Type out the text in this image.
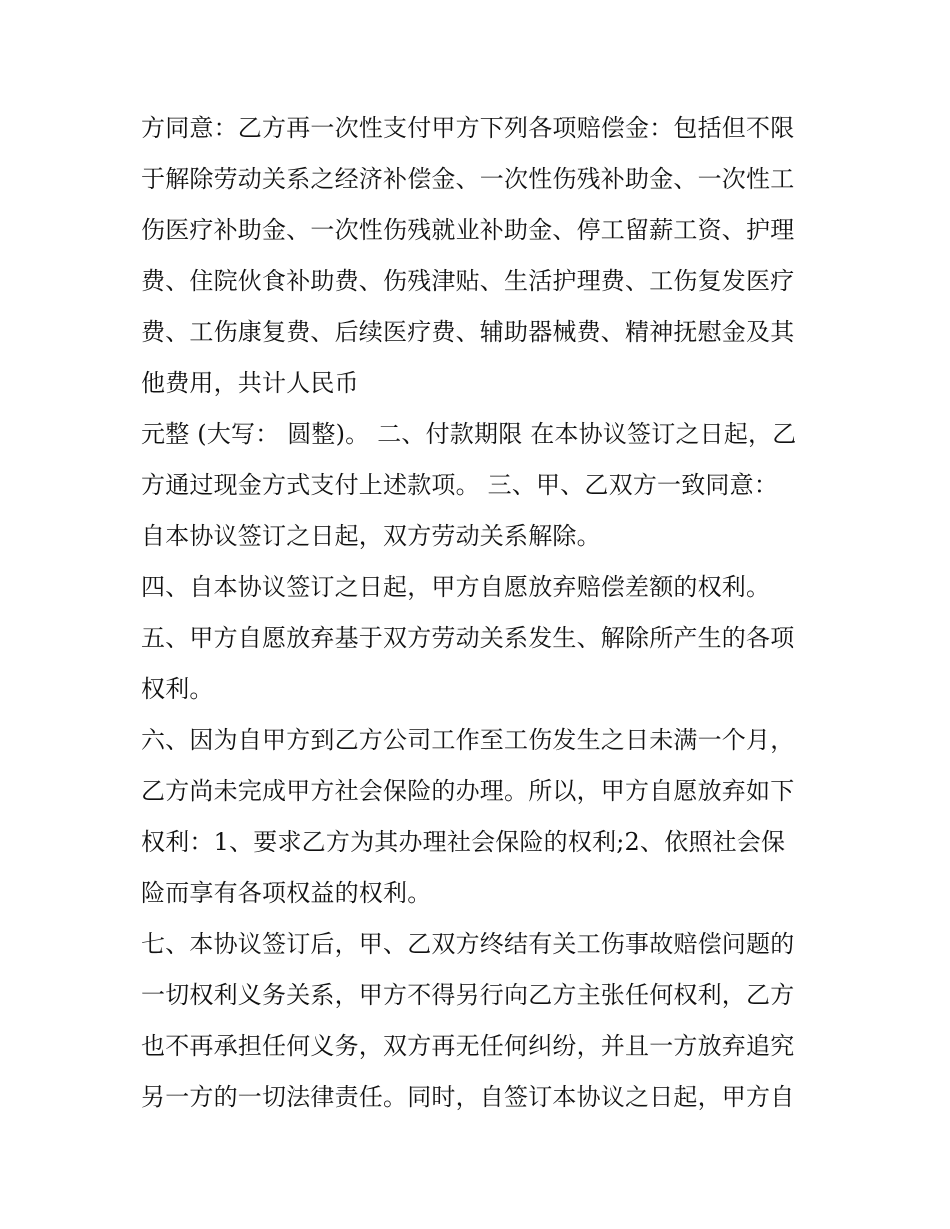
方同意：乙方再一次性支付甲方下列各项赔偿金：包括但不限
于解除劳动关系之经济补偿金、一次性伤残补助金、一次性工
伤医疗补助金、一次性伤残就业补助金、停工留薪工资、护理
费、住院伙食补助费、伤残津贴、生活护理费、工伤复发医疗
费、工伤康复费、后续医疗费、辅助器械费、精神抚慰金及其
他费用，共计人民币
元整 (大写： 圆整)。 二、付款期限 在本协议签订之日起，乙
方通过现金方式支付上述款项。 三、甲、乙双方一致同意：
自本协议签订之日起，双方劳动关系解除。
四、自本协议签订之日起，甲方自愿放弃赔偿差额的权利。
五、甲方自愿放弃基于双方劳动关系发生、解除所产生的各项
权利。
六、因为自甲方到乙方公司工作至工伤发生之日未满一个月，
乙方尚未完成甲方社会保险的办理。所以，甲方自愿放弃如下
权利：1、要求乙方为其办理社会保险的权利;2、依照社会保
险而享有各项权益的权利。
七、本协议签订后，甲、乙双方终结有关工伤事故赔偿问题的
一切权利义务关系，甲方不得另行向乙方主张任何权利，乙方
也不再承担任何义务，双方再无任何纠纷，并且一方放弃追究
另一方的一切法律责任。同时，自签订本协议之日起，甲方自
